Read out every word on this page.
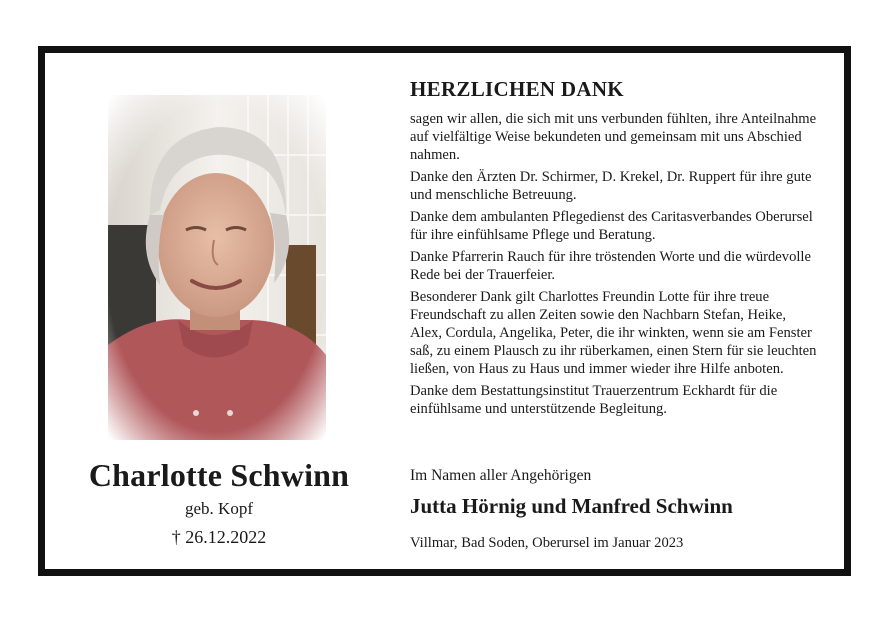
Charlotte Schwinn
geb. Kopf
† 26.12.2022
HERZLICHEN DANK

sagen wir allen, die sich mit uns verbunden fühlten, ihre Anteilnahme auf vielfältige Weise bekundeten und gemeinsam mit uns Abschied nahmen.

Danke den Ärzten Dr. Schirmer, D. Krekel, Dr. Ruppert für ihre gute und menschliche Betreuung.

Danke dem ambulanten Pflegedienst des Caritasverbandes Oberursel für ihre einfühlsame Pflege und Beratung.

Danke Pfarrerin Rauch für ihre tröstenden Worte und die würdevolle Rede bei der Trauerfeier.

Besonderer Dank gilt Charlottes Freundin Lotte für ihre treue Freundschaft zu allen Zeiten sowie den Nachbarn Stefan, Heike, Alex, Cordula, Angelika, Peter, die ihr winkten, wenn sie am Fenster saß, zu einem Plausch zu ihr rüberkamen, einen Stern für sie leuchten ließen, von Haus zu Haus und immer wieder ihre Hilfe anboten.

Danke dem Bestattungsinstitut Trauerzentrum Eckhardt für die einfühlsame und unterstützende Begleitung.

Im Namen aller Angehörigen
Jutta Hörnig und Manfred Schwinn
Villmar, Bad Soden, Oberursel im Januar 2023
